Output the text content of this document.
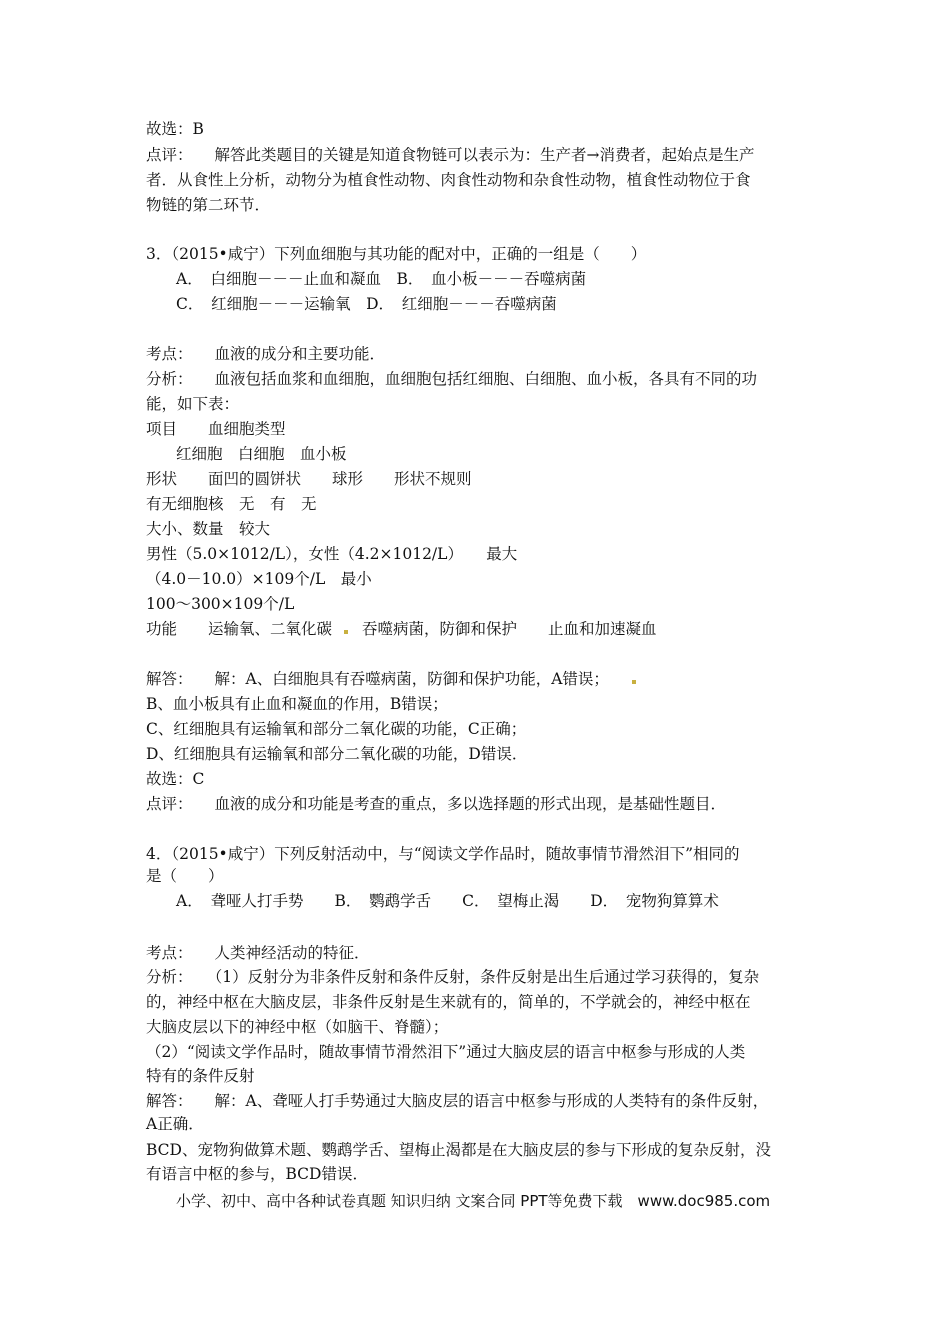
故选：B
点评： 解答此类题目的关键是知道食物链可以表示为：生产者→消费者，起始点是生产
者．从食性上分析，动物分为植食性动物、肉食性动物和杂食性动物，植食性动物位于食
物链的第二环节．
3．（2015•咸宁）下列血细胞与其功能的配对中，正确的一组是（　　）
A．　白细胞－－－止血和凝血　B．　血小板－－－吞噬病菌
C．　红细胞－－－运输氧　D．　红细胞－－－吞噬病菌
考点： 血液的成分和主要功能．
分析： 血液包括血浆和血细胞，血细胞包括红细胞、白细胞、血小板，各具有不同的功
能，如下表：
项目　　血细胞类型
红细胞　白细胞　血小板
形状　　面凹的圆饼状　　球形　　形状不规则
有无细胞核　无　有　无
大小、数量　较大
男性（5.0×1012/L），女性（4.2×1012/L）　　最大
（4.0－10.0）×109个/L　最小
100～300×109个/L
功能　　运输氧、二氧化碳 吞噬病菌，防御和保护　　止血和加速凝血
解答： 解：A、白细胞具有吞噬病菌，防御和保护功能，A错误；
B、血小板具有止血和凝血的作用，B错误；
C、红细胞具有运输氧和部分二氧化碳的功能，C正确；
D、红细胞具有运输氧和部分二氧化碳的功能，D错误．
故选：C
点评： 血液的成分和功能是考查的重点，多以选择题的形式出现，是基础性题目．
4．（2015•咸宁）下列反射活动中，与“阅读文学作品时，随故事情节滑然泪下”相同的
是（　　）
A．　聋哑人打手势　　B．　鹦鹉学舌　　C．　望梅止渴　　D．　宠物狗算算术
考点： 人类神经活动的特征．
分析： （1）反射分为非条件反射和条件反射，条件反射是出生后通过学习获得的，复杂
的，神经中枢在大脑皮层，非条件反射是生来就有的，简单的，不学就会的，神经中枢在
大脑皮层以下的神经中枢（如脑干、脊髓）；
（2）“阅读文学作品时，随故事情节滑然泪下”通过大脑皮层的语言中枢参与形成的人类
特有的条件反射
解答： 解：A、聋哑人打手势通过大脑皮层的语言中枢参与形成的人类特有的条件反射，
A正确．
BCD、宠物狗做算术题、鹦鹉学舌、望梅止渴都是在大脑皮层的参与下形成的复杂反射，没
有语言中枢的参与，BCD错误．
小学、初中、高中各种试卷真题 知识归纳 文案合同 PPT等免费下载　www.doc985.com
